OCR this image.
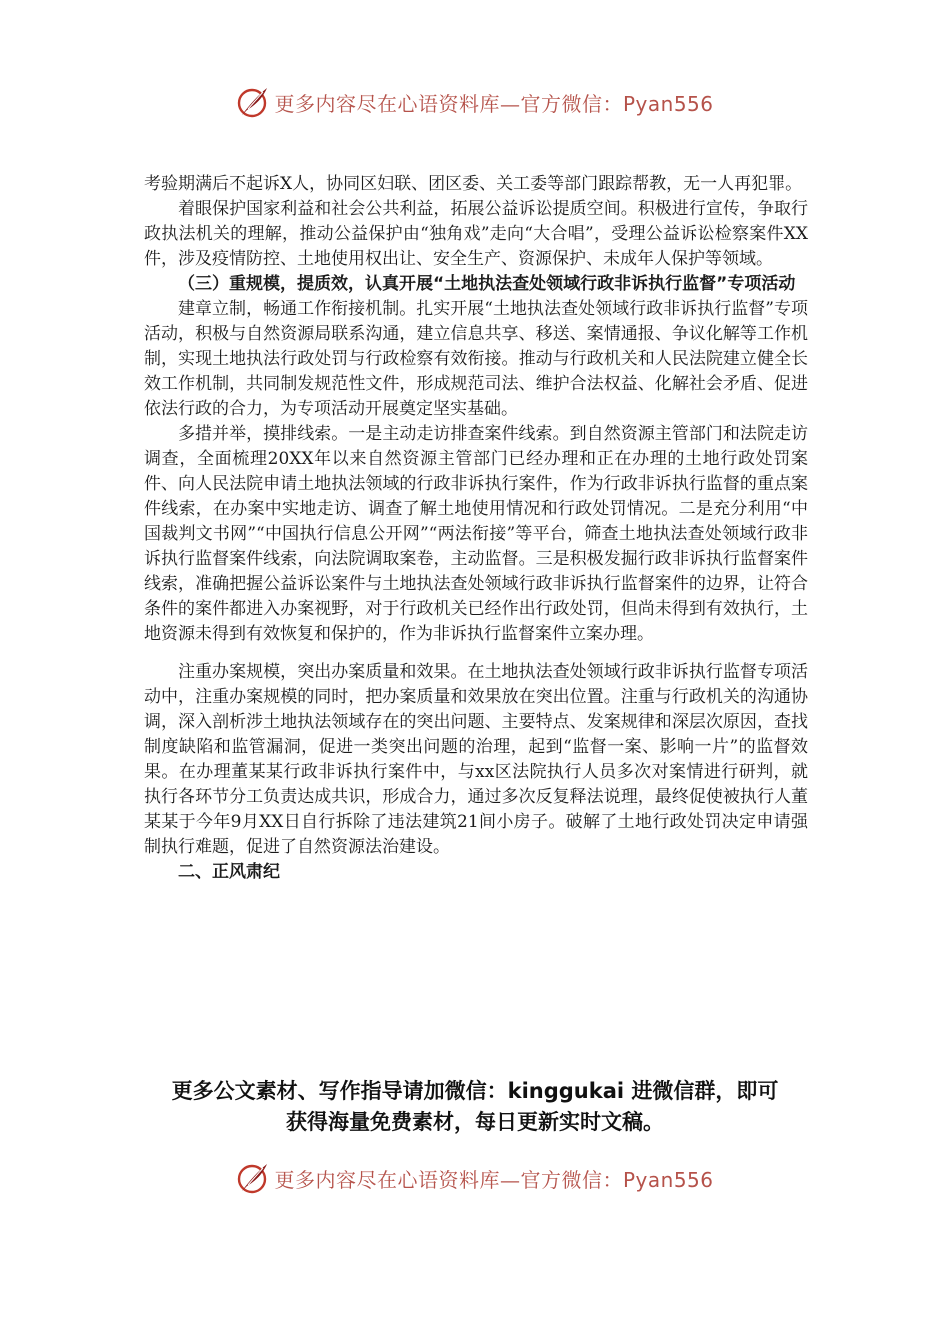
更多内容尽在心语资料库—官方微信：Pyan556

考验期满后不起诉X人，协同区妇联、团区委、关工委等部门跟踪帮教，无一人再犯罪。

着眼保护国家利益和社会公共利益，拓展公益诉讼提质空间。积极进行宣传，争取行政执法机关的理解，推动公益保护由“独角戏”走向“大合唱”，受理公益诉讼检察案件XX件，涉及疫情防控、土地使用权出让、安全生产、资源保护、未成年人保护等领域。

（三）重规模，提质效，认真开展“土地执法查处领域行政非诉执行监督”专项活动

建章立制，畅通工作衔接机制。扎实开展“土地执法查处领域行政非诉执行监督”专项活动，积极与自然资源局联系沟通，建立信息共享、移送、案情通报、争议化解等工作机制，实现土地执法行政处罚与行政检察有效衔接。推动与行政机关和人民法院建立健全长效工作机制，共同制发规范性文件，形成规范司法、维护合法权益、化解社会矛盾、促进依法行政的合力，为专项活动开展奠定坚实基础。

多措并举，摸排线索。一是主动走访排查案件线索。到自然资源主管部门和法院走访调查，全面梳理20XX年以来自然资源主管部门已经办理和正在办理的土地行政处罚案件、向人民法院申请土地执法领域的行政非诉执行案件，作为行政非诉执行监督的重点案件线索，在办案中实地走访、调查了解土地使用情况和行政处罚情况。二是充分利用“中国裁判文书网”“中国执行信息公开网”“两法衔接”等平台，筛查土地执法查处领域行政非诉执行监督案件线索，向法院调取案卷，主动监督。三是积极发掘行政非诉执行监督案件线索，准确把握公益诉讼案件与土地执法查处领域行政非诉执行监督案件的边界，让符合条件的案件都进入办案视野，对于行政机关已经作出行政处罚，但尚未得到有效执行，土地资源未得到有效恢复和保护的，作为非诉执行监督案件立案办理。

注重办案规模，突出办案质量和效果。在土地执法查处领域行政非诉执行监督专项活动中，注重办案规模的同时，把办案质量和效果放在突出位置。注重与行政机关的沟通协调，深入剖析涉土地执法领域存在的突出问题、主要特点、发案规律和深层次原因，查找制度缺陷和监管漏洞，促进一类突出问题的治理，起到“监督一案、影响一片”的监督效果。在办理董某某行政非诉执行案件中，与xx区法院执行人员多次对案情进行研判，就执行各环节分工负责达成共识，形成合力，通过多次反复释法说理，最终促使被执行人董某某于今年9月XX日自行拆除了违法建筑21间小房子。破解了土地行政处罚决定申请强制执行难题，促进了自然资源法治建设。

二、正风肃纪

更多公文素材、写作指导请加微信：kinggukai 进微信群，即可
获得海量免费素材，每日更新实时文稿。
更多内容尽在心语资料库—官方微信：Pyan556
